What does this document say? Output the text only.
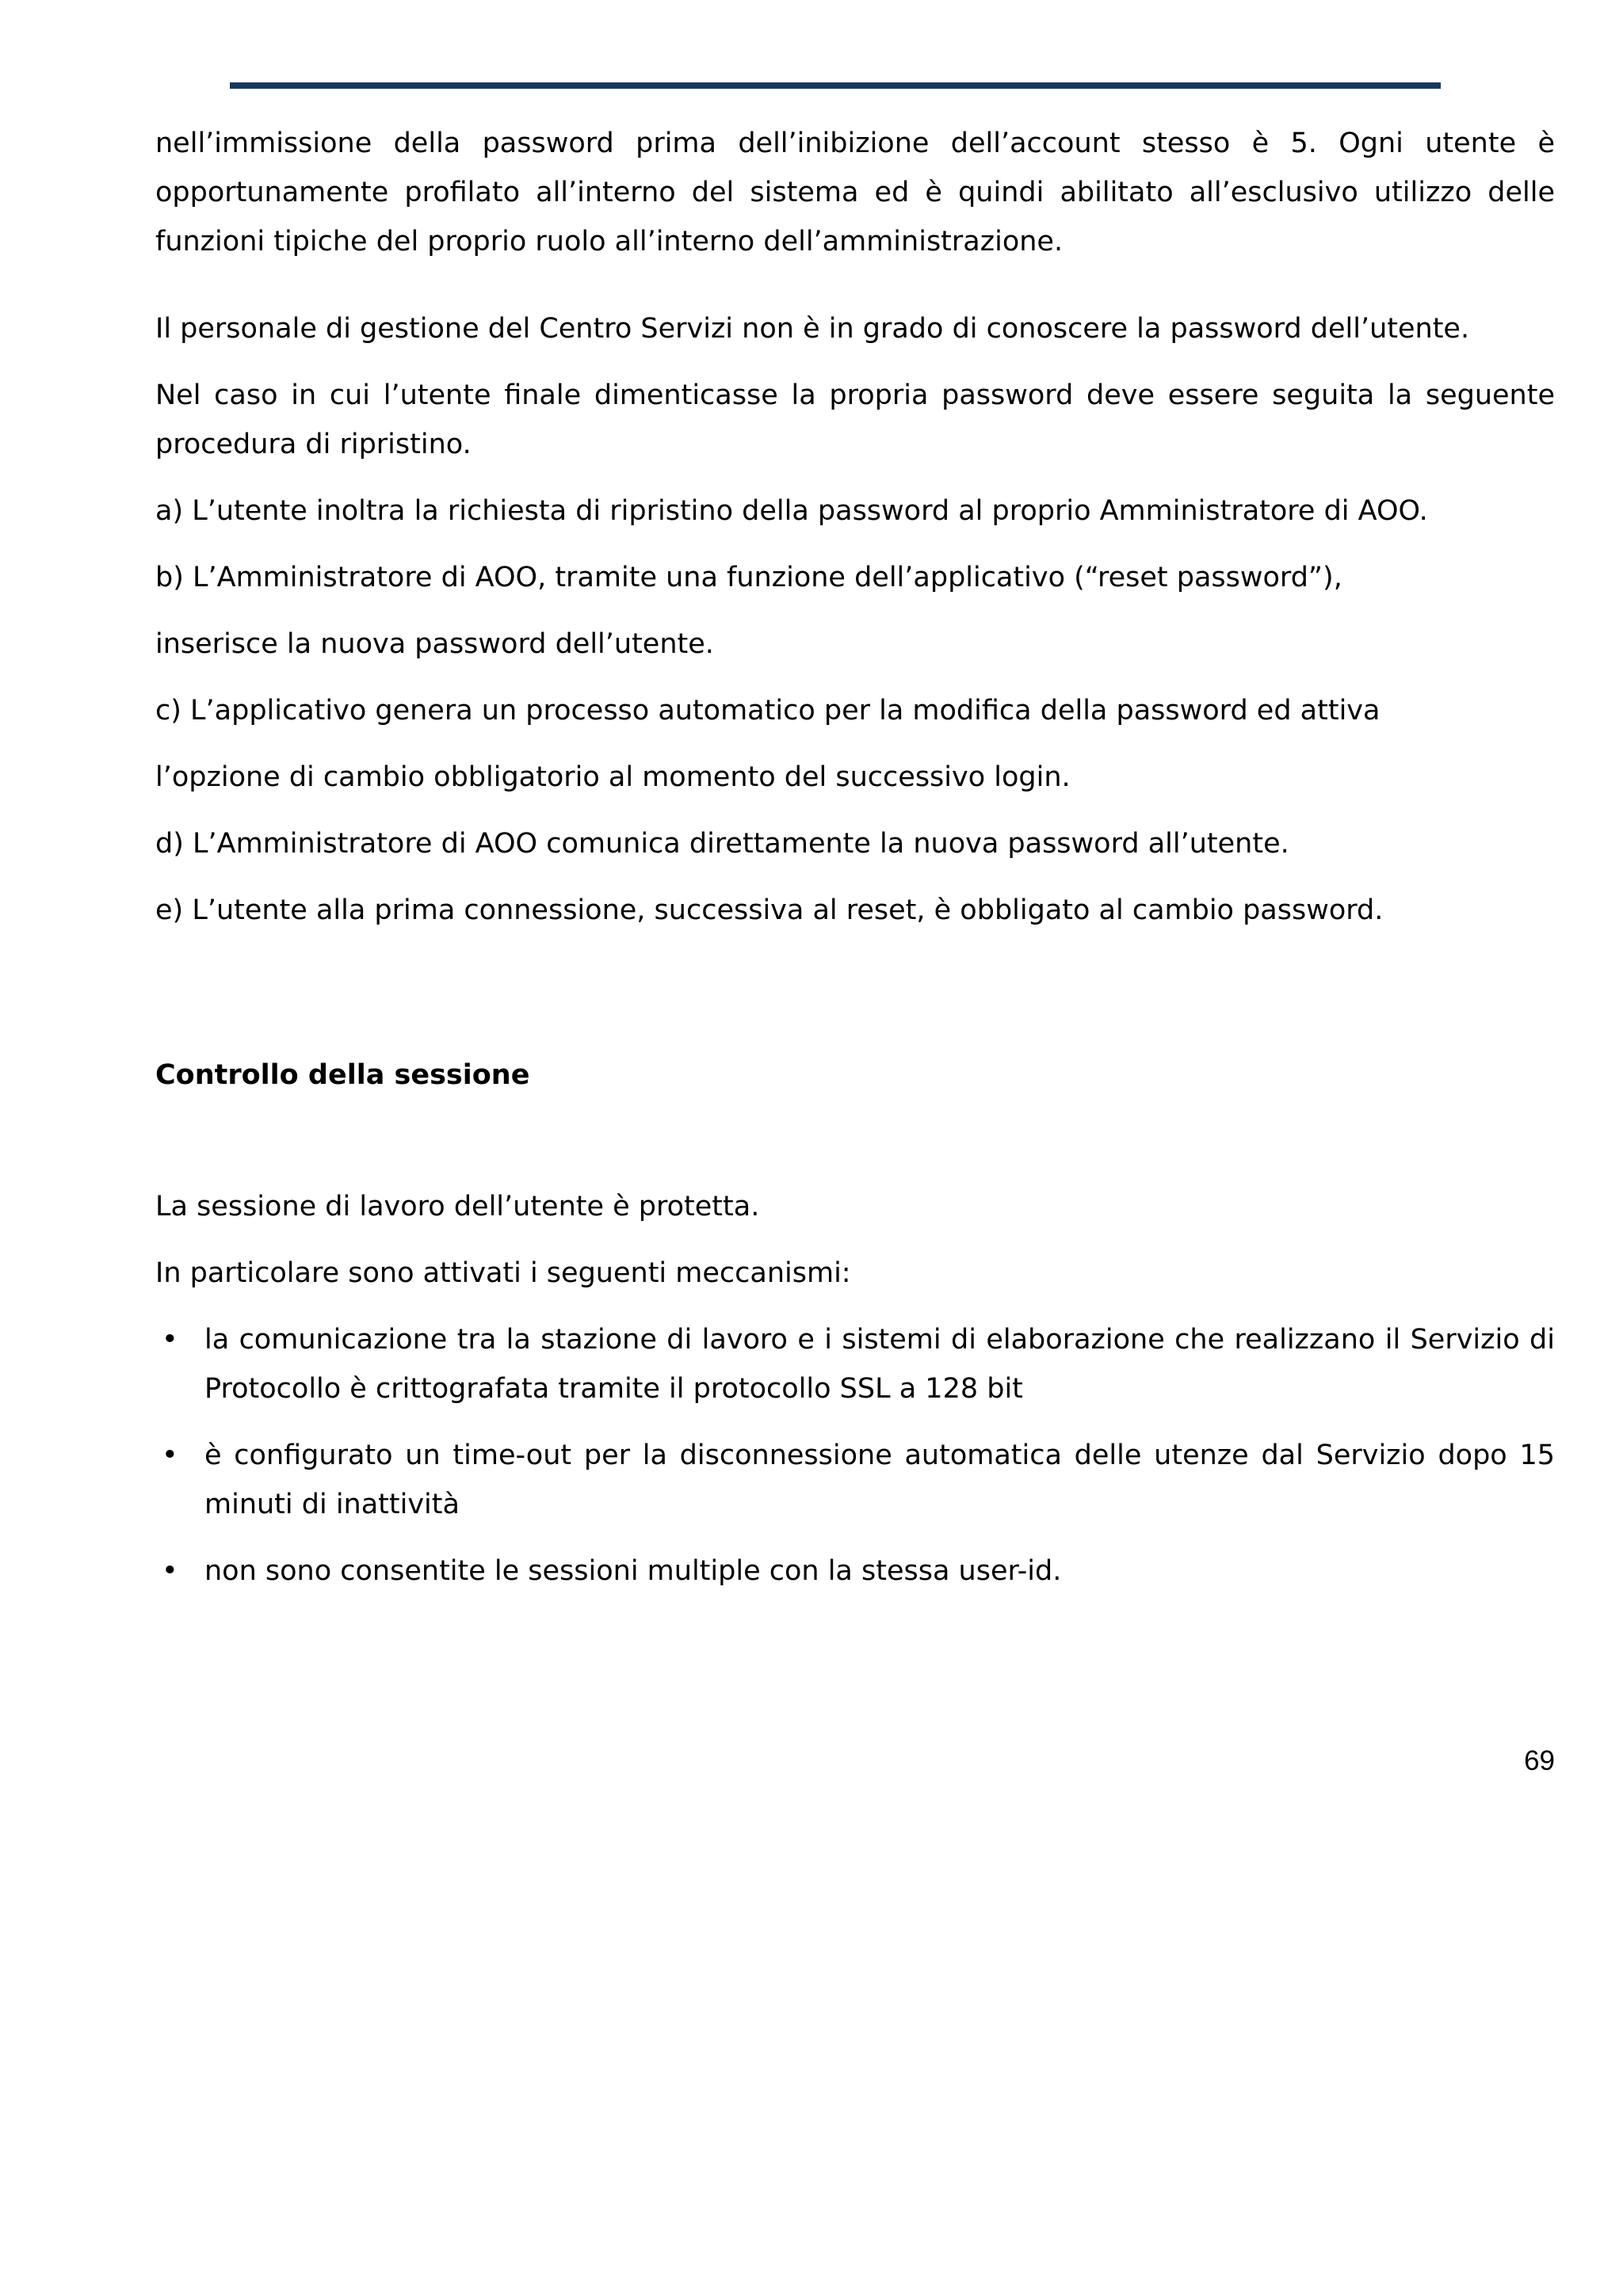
nell’immissione della password prima dell’inibizione dell’account stesso è 5. Ogni utente è opportunamente profilato all’interno del sistema ed è quindi abilitato all’esclusivo utilizzo delle funzioni tipiche del proprio ruolo all’interno dell’amministrazione.

Il personale di gestione del Centro Servizi non è in grado di conoscere la password dell’utente.

Nel caso in cui l’utente finale dimenticasse la propria password deve essere seguita la seguente procedura di ripristino.

a) L’utente inoltra la richiesta di ripristino della password al proprio Amministratore di AOO.

b) L’Amministratore di AOO, tramite una funzione dell’applicativo (“reset password”),

inserisce la nuova password dell’utente.

c) L’applicativo genera un processo automatico per la modifica della password ed attiva

l’opzione di cambio obbligatorio al momento del successivo login.

d) L’Amministratore di AOO comunica direttamente la nuova password all’utente.

e) L’utente alla prima connessione, successiva al reset, è obbligato al cambio password.

Controllo della sessione

La sessione di lavoro dell’utente è protetta.

In particolare sono attivati i seguenti meccanismi:

• la comunicazione tra la stazione di lavoro e i sistemi di elaborazione che realizzano il Servizio di Protocollo è crittografata tramite il protocollo SSL a 128 bit
• è configurato un time-out per la disconnessione automatica delle utenze dal Servizio dopo 15 minuti di inattività
• non sono consentite le sessioni multiple con la stessa user-id.
69
